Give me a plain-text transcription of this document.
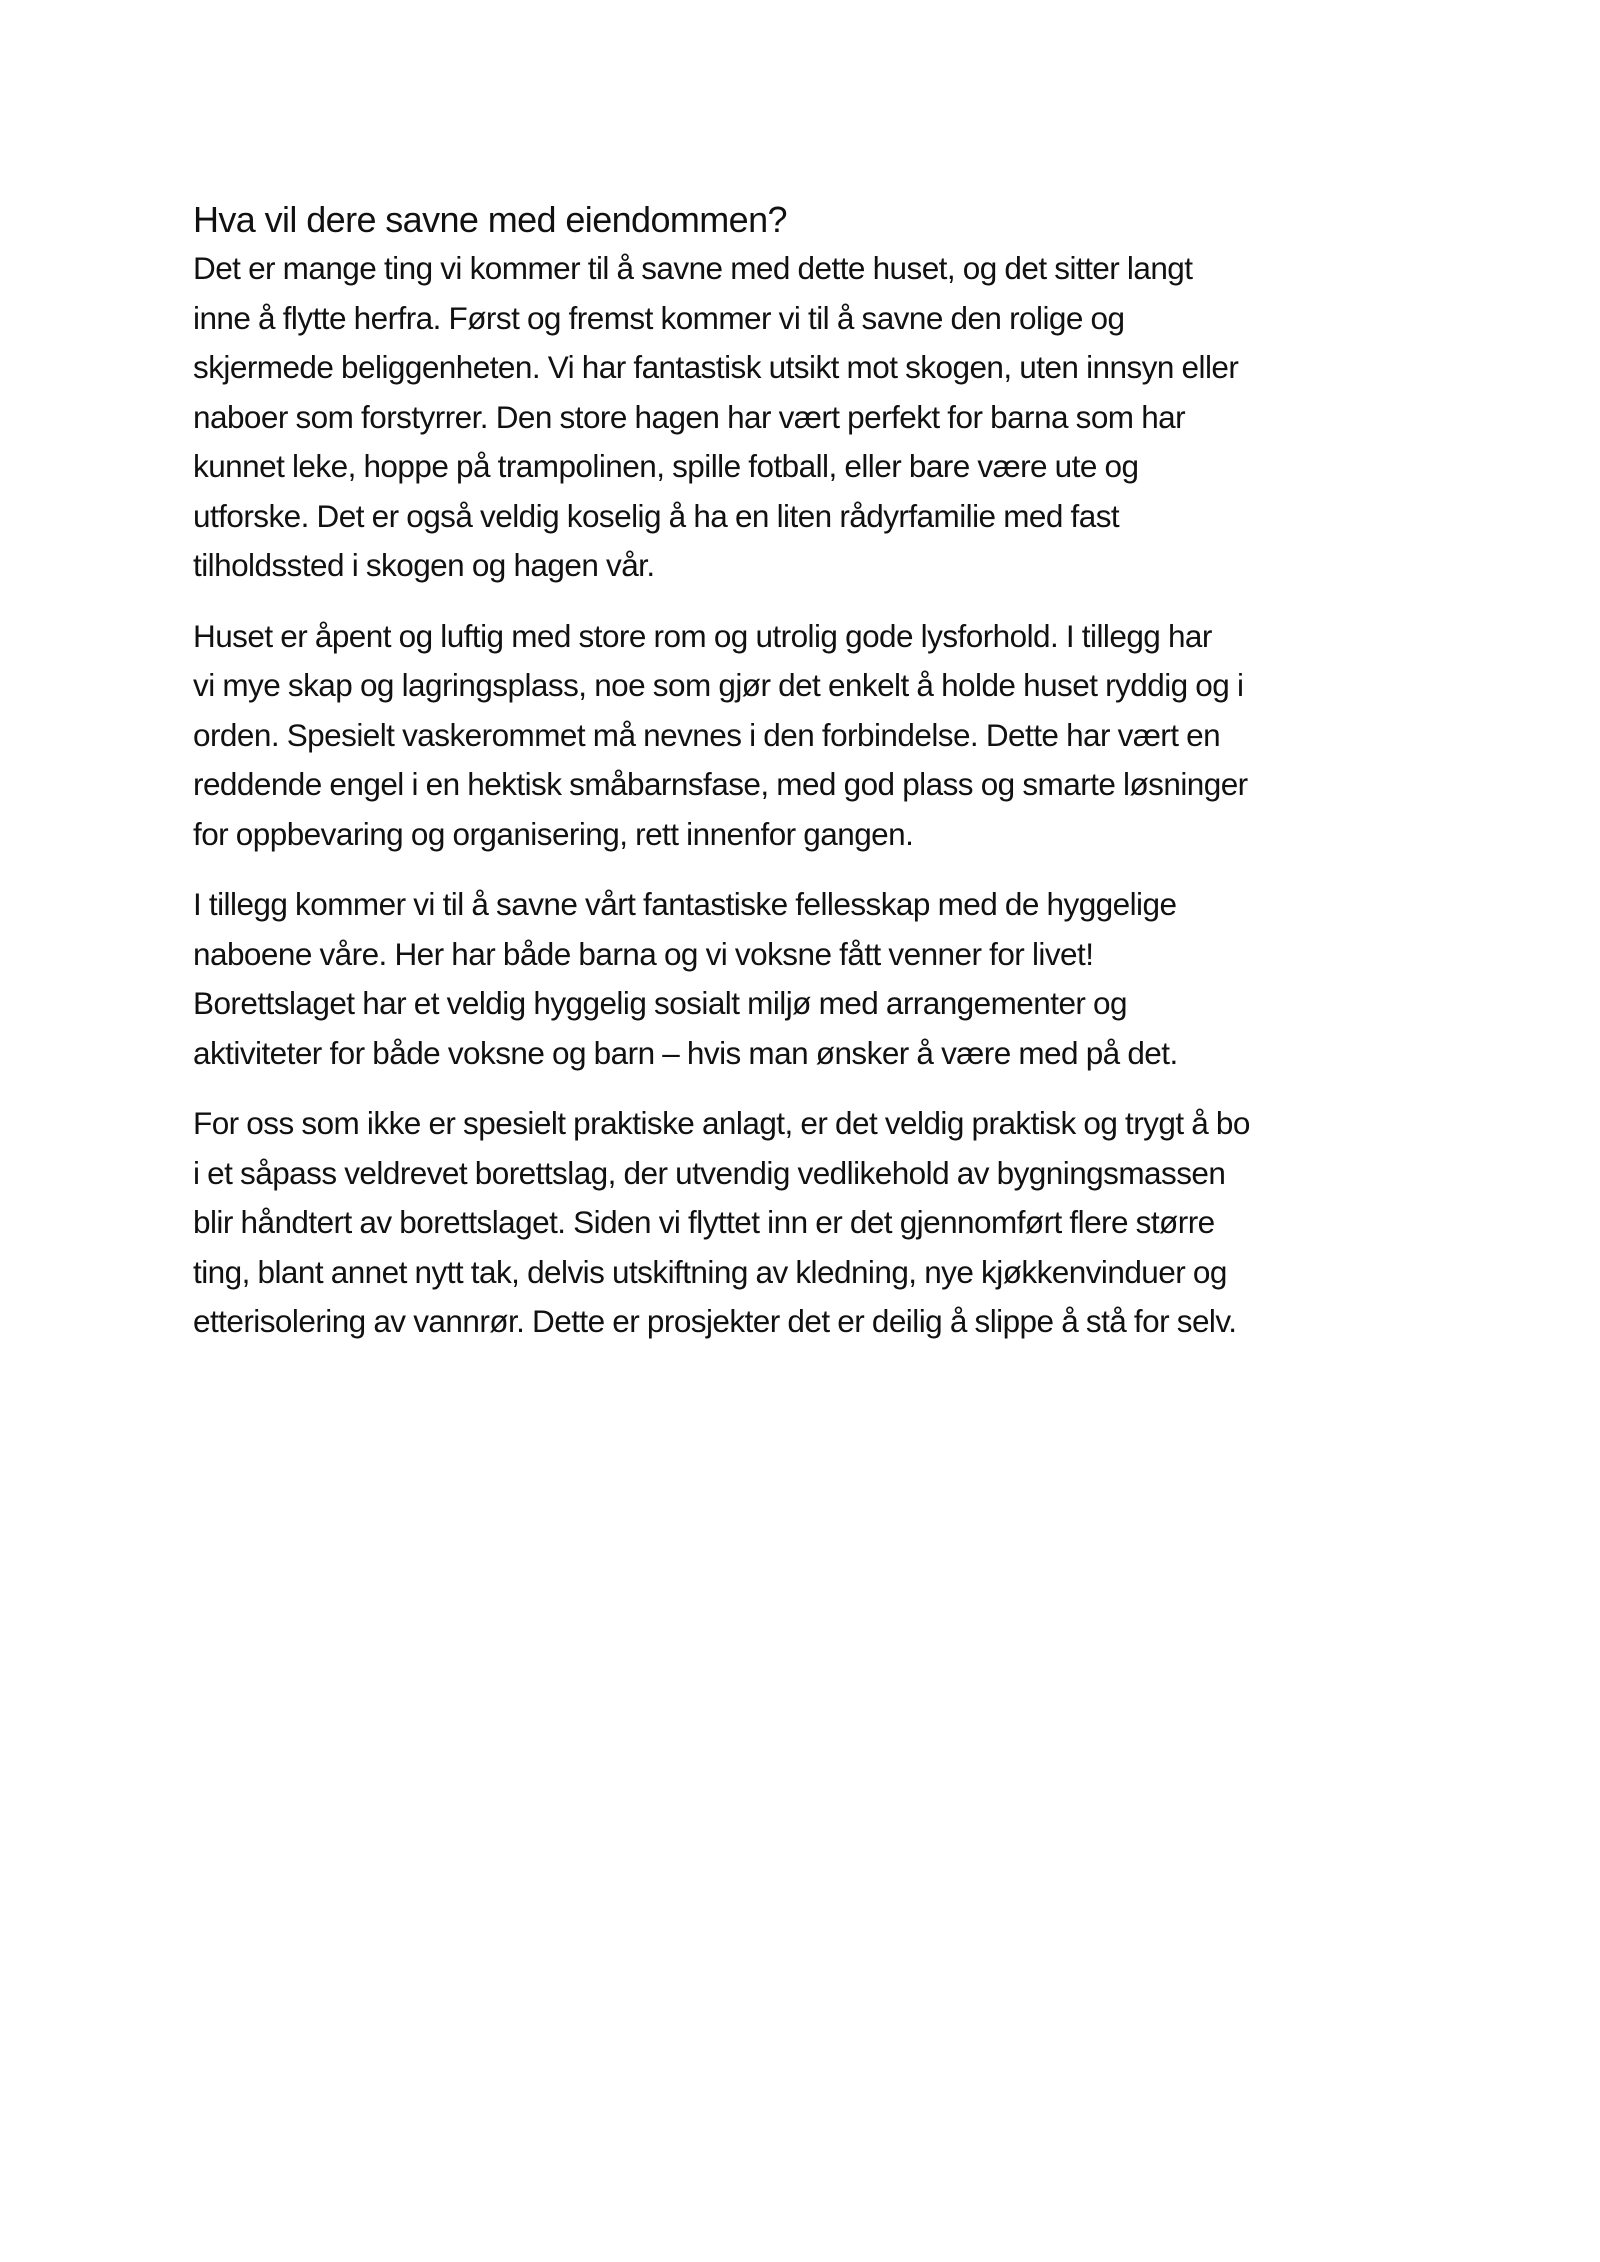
Hva vil dere savne med eiendommen?
Det er mange ting vi kommer til å savne med dette huset, og det sitter langt
inne å flytte herfra. Først og fremst kommer vi til å savne den rolige og
skjermede beliggenheten. Vi har fantastisk utsikt mot skogen, uten innsyn eller
naboer som forstyrrer. Den store hagen har vært perfekt for barna som har
kunnet leke, hoppe på trampolinen, spille fotball, eller bare være ute og
utforske. Det er også veldig koselig å ha en liten rådyrfamilie med fast
tilholdssted i skogen og hagen vår.
Huset er åpent og luftig med store rom og utrolig gode lysforhold. I tillegg har
vi mye skap og lagringsplass, noe som gjør det enkelt å holde huset ryddig og i
orden. Spesielt vaskerommet må nevnes i den forbindelse. Dette har vært en
reddende engel i en hektisk småbarnsfase, med god plass og smarte løsninger
for oppbevaring og organisering, rett innenfor gangen.
I tillegg kommer vi til å savne vårt fantastiske fellesskap med de hyggelige
naboene våre. Her har både barna og vi voksne fått venner for livet!
Borettslaget har et veldig hyggelig sosialt miljø med arrangementer og
aktiviteter for både voksne og barn – hvis man ønsker å være med på det.
For oss som ikke er spesielt praktiske anlagt, er det veldig praktisk og trygt å bo
i et såpass veldrevet borettslag, der utvendig vedlikehold av bygningsmassen
blir håndtert av borettslaget. Siden vi flyttet inn er det gjennomført flere større
ting, blant annet nytt tak, delvis utskiftning av kledning, nye kjøkkenvinduer og
etterisolering av vannrør. Dette er prosjekter det er deilig å slippe å stå for selv.
